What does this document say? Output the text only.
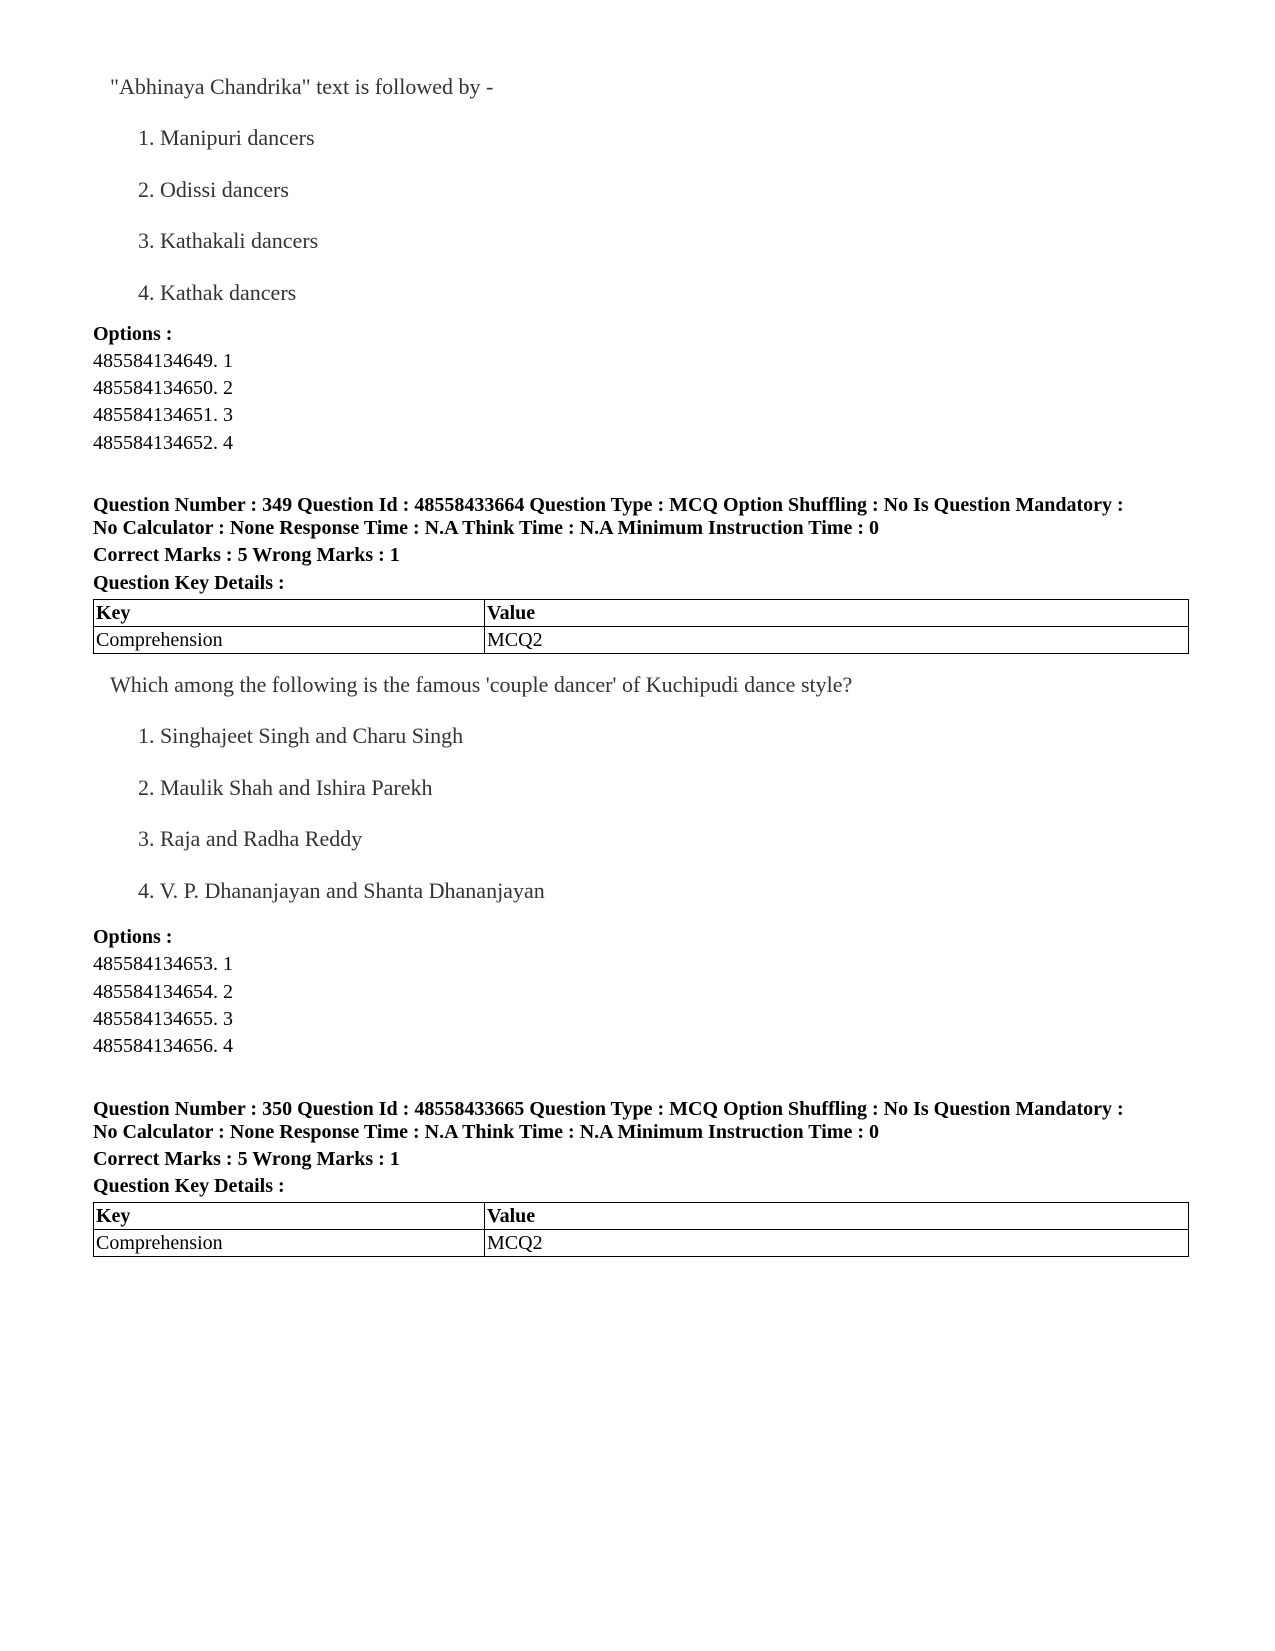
"Abhinaya Chandrika" text is followed by -
1. Manipuri dancers
2. Odissi dancers
3. Kathakali dancers
4. Kathak dancers
Options :
485584134649. 1
485584134650. 2
485584134651. 3
485584134652. 4
Question Number : 349 Question Id : 48558433664 Question Type : MCQ Option Shuffling : No Is Question Mandatory :
No Calculator : None Response Time : N.A Think Time : N.A Minimum Instruction Time : 0
Correct Marks : 5 Wrong Marks : 1
Question Key Details :
Key	Value
Comprehension	MCQ2
Which among the following is the famous 'couple dancer' of Kuchipudi dance style?
1. Singhajeet Singh and Charu Singh
2. Maulik Shah and Ishira Parekh
3. Raja and Radha Reddy
4. V. P. Dhananjayan and Shanta Dhananjayan
Options :
485584134653. 1
485584134654. 2
485584134655. 3
485584134656. 4
Question Number : 350 Question Id : 48558433665 Question Type : MCQ Option Shuffling : No Is Question Mandatory :
No Calculator : None Response Time : N.A Think Time : N.A Minimum Instruction Time : 0
Correct Marks : 5 Wrong Marks : 1
Question Key Details :
Key	Value
Comprehension	MCQ2
